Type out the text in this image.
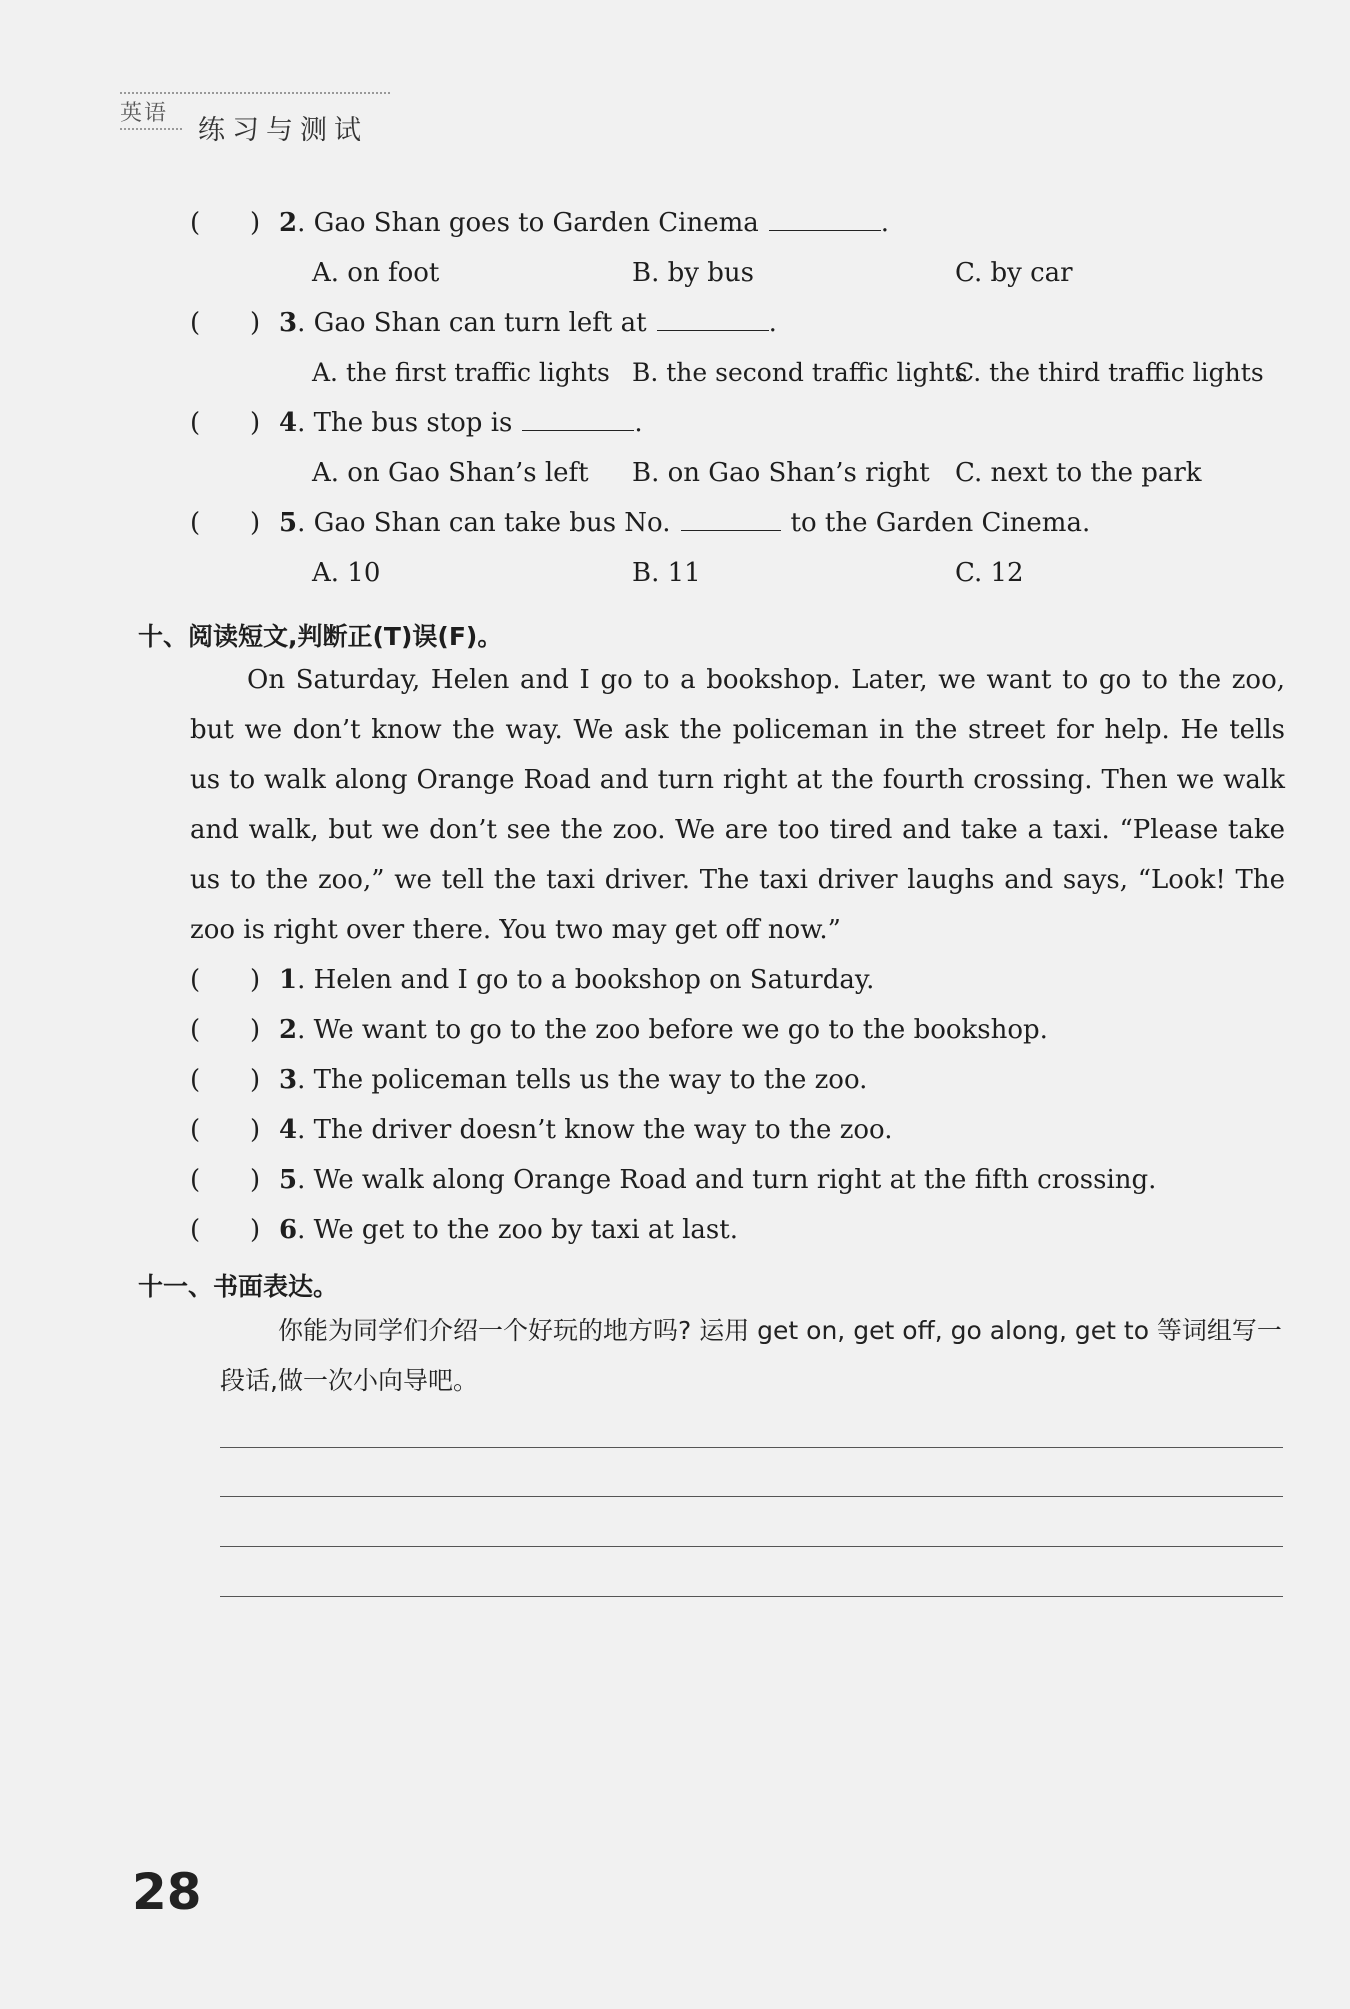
英语
练习与测试
( ) 2. Gao Shan goes to Garden Cinema	.
A. on foot	B. by bus	C. by car
( ) 3. Gao Shan can turn left at	.
A. the first traffic lights B. the second traffic lights
C. the third traffic lights
( ) 4. The bus stop is	.
A. on Gao Shan’s left B. on Gao Shan’s right C. next to the park
( ) 5. Gao Shan can take bus No.	to the Garden Cinema.
A. 10	B. 11	C. 12
十、阅读短文,判断正(T)误(F)。

On Saturday, Helen and I go to a bookshop. Later, we want to go to the zoo, but we don’t know the way. We ask the policeman in the street for help. He tells us to walk along Orange Road and turn right at the fourth crossing. Then we walk and walk, but we don’t see the zoo. We are too tired and take a taxi. “Please take us to the zoo,” we tell the taxi driver. The taxi driver laughs and says, “Look! The zoo is right over there. You two may get off now.”

( ) 1. Helen and I go to a bookshop on Saturday.
( ) 2. We want to go to the zoo before we go to the bookshop.
( ) 3. The policeman tells us the way to the zoo.
( ) 4. The driver doesn’t know the way to the zoo.
( ) 5. We walk along Orange Road and turn right at the fifth crossing.
( ) 6. We get to the zoo by taxi at last.
十一、书面表达。

你能为同学们介绍一个好玩的地方吗? 运用 get on, get off, go along, get to 等词组写一段话,做一次小向导吧。

28
